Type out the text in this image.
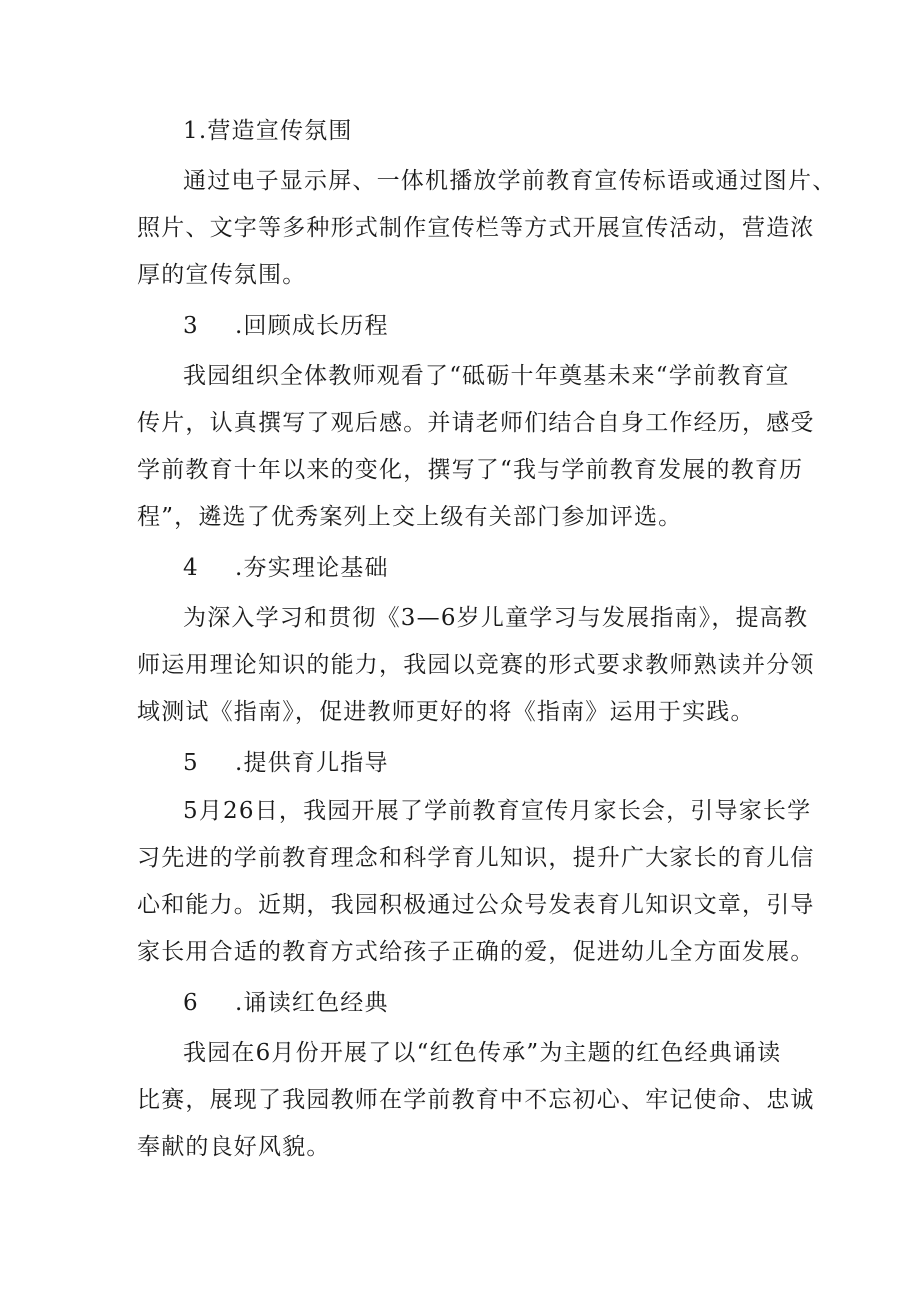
1.营造宣传氛围
通过电子显示屏、一体机播放学前教育宣传标语或通过图片、
照片、文字等多种形式制作宣传栏等方式开展宣传活动，营造浓
厚的宣传氛围。
3 .回顾成长历程
我园组织全体教师观看了“砥砺十年奠基未来“学前教育宣
传片，认真撰写了观后感。并请老师们结合自身工作经历，感受
学前教育十年以来的变化，撰写了“我与学前教育发展的教育历
程”，遴选了优秀案列上交上级有关部门参加评选。
4 .夯实理论基础
为深入学习和贯彻《3—6岁儿童学习与发展指南》，提高教
师运用理论知识的能力，我园以竞赛的形式要求教师熟读并分领
域测试《指南》，促进教师更好的将《指南》运用于实践。
5 .提供育儿指导
5月26日，我园开展了学前教育宣传月家长会，引导家长学
习先进的学前教育理念和科学育儿知识，提升广大家长的育儿信
心和能力。近期，我园积极通过公众号发表育儿知识文章，引导
家长用合适的教育方式给孩子正确的爱，促进幼儿全方面发展。
6 .诵读红色经典
我园在6月份开展了以“红色传承”为主题的红色经典诵读
比赛，展现了我园教师在学前教育中不忘初心、牢记使命、忠诚
奉献的良好风貌。
